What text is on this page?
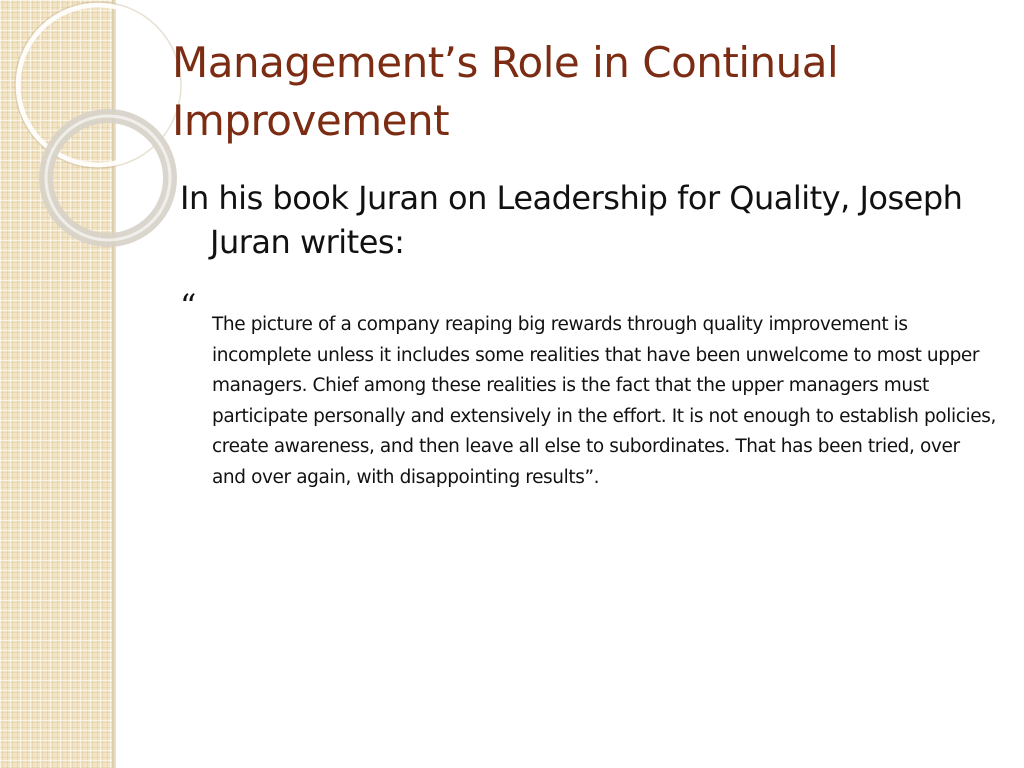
Management’s Role in Continual Improvement

In his book Juran on Leadership for Quality, Joseph Juran writes:

“ The picture of a company reaping big rewards through quality improvement is incomplete unless it includes some realities that have been unwelcome to most upper managers. Chief among these realities is the fact that the upper managers must participate personally and extensively in the effort. It is not enough to establish policies, create awareness, and then leave all else to subordinates. That has been tried, over and over again, with disappointing results”.
